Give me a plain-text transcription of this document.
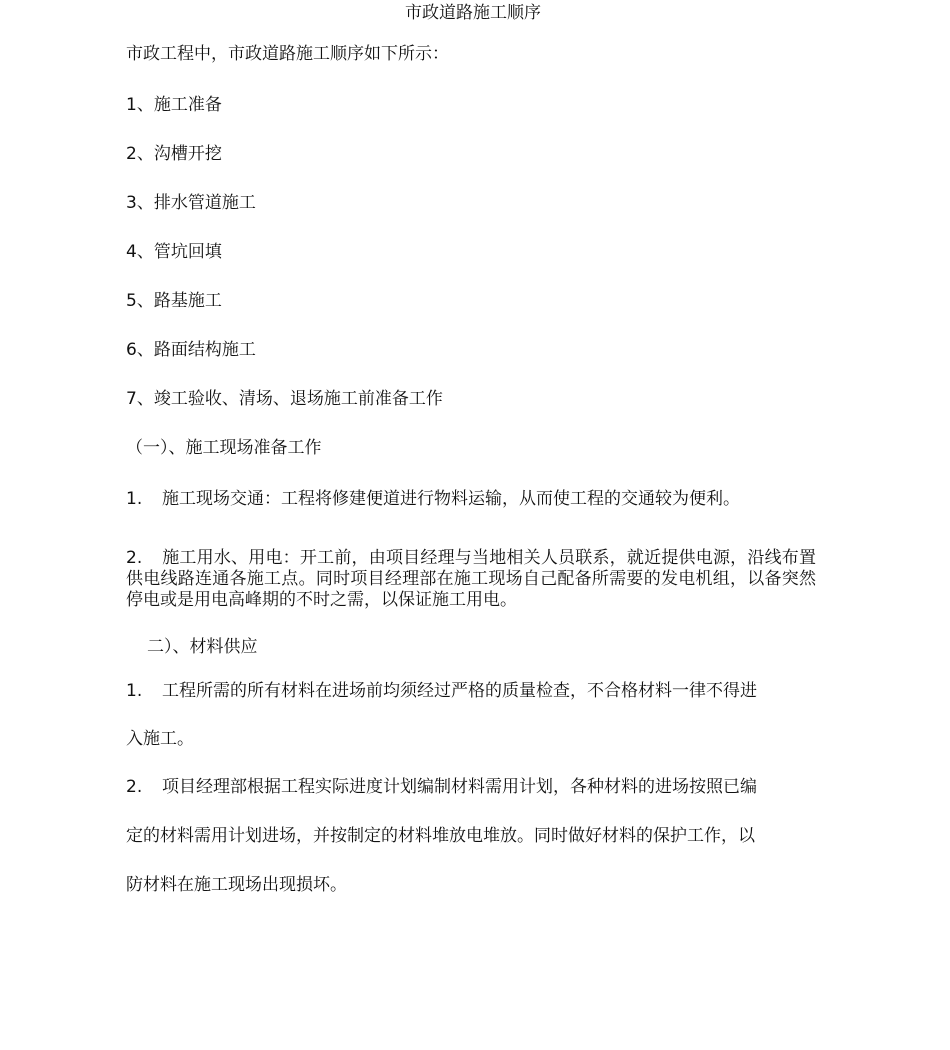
市政道路施工顺序
市政工程中，市政道路施工顺序如下所示：
1、施工准备
2、沟槽开挖
3、排水管道施工
4、管坑回填
5、路基施工
6、路面结构施工
7、竣工验收、清场、退场施工前准备工作
（一）、施工现场准备工作
1. 施工现场交通：工程将修建便道进行物料运输，从而使工程的交通较为便利。
2. 施工用水、用电：开工前，由项目经理与当地相关人员联系，就近提供电源，沿线布置供电线路连通各施工点。同时项目经理部在施工现场自己配备所需要的发电机组，以备突然停电或是用电高峰期的不时之需，以保证施工用电。
二）、材料供应
1. 工程所需的所有材料在进场前均须经过严格的质量检查，不合格材料一律不得进
入施工。
2. 项目经理部根据工程实际进度计划编制材料需用计划，各种材料的进场按照已编
定的材料需用计划进场，并按制定的材料堆放电堆放。同时做好材料的保护工作，以
防材料在施工现场出现损坏。
